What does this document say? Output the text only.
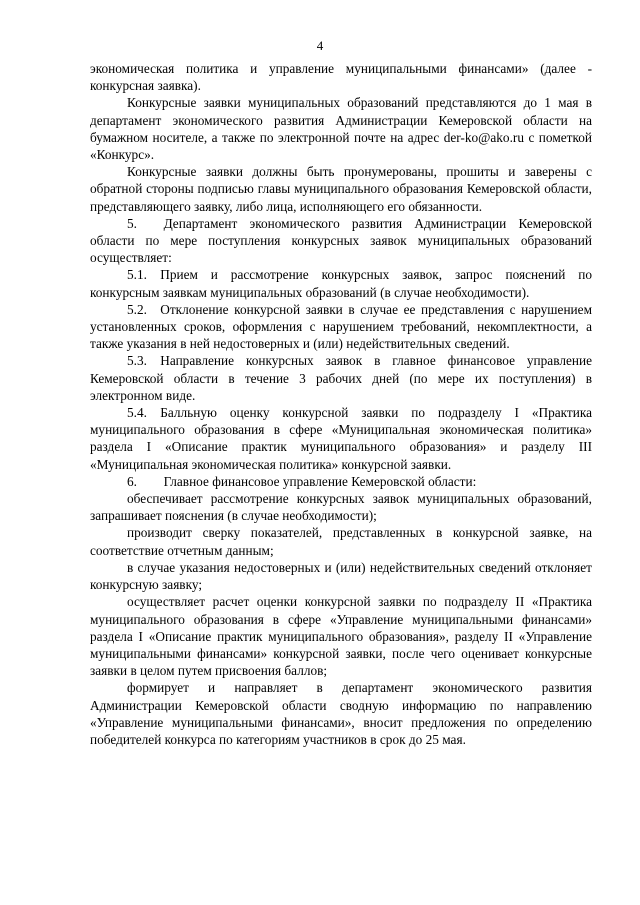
4

экономическая политика и управление муниципальными финансами» (далее - конкурсная заявка).

Конкурсные заявки муниципальных образований представляются до 1 мая в департамент экономического развития Администрации Кемеровской области на бумажном носителе, а также по электронной почте на адрес der-ko@ako.ru с пометкой «Конкурс».

Конкурсные заявки должны быть пронумерованы, прошиты и заверены с обратной стороны подписью главы муниципального образования Кемеровской области, представляющего заявку, либо лица, исполняющего его обязанности.

5.  Департамент экономического развития Администрации Кемеровской области по мере поступления конкурсных заявок муниципальных образований осуществляет:

5.1. Прием и рассмотрение конкурсных заявок, запрос пояснений по конкурсным заявкам муниципальных образований (в случае необходимости).

5.2. Отклонение конкурсной заявки в случае ее представления с нарушением установленных сроков, оформления с нарушением требований, некомплектности, а также указания в ней недостоверных и (или) недействительных сведений.

5.3. Направление конкурсных заявок в главное финансовое управление Кемеровской области в течение 3 рабочих дней (по мере их поступления) в электронном виде.

5.4. Балльную оценку конкурсной заявки по подразделу I «Практика муниципального образования в сфере «Муниципальная экономическая политика» раздела I «Описание практик муниципального образования» и разделу III «Муниципальная экономическая политика» конкурсной заявки.

6.  Главное финансовое управление Кемеровской области:

обеспечивает рассмотрение конкурсных заявок муниципальных образований, запрашивает пояснения (в случае необходимости);

производит сверку показателей, представленных в конкурсной заявке, на соответствие отчетным данным;

в случае указания недостоверных и (или) недействительных сведений отклоняет конкурсную заявку;

осуществляет расчет оценки конкурсной заявки по подразделу II «Практика муниципального образования в сфере «Управление муниципальными финансами» раздела I «Описание практик муниципального образования», разделу II «Управление муниципальными финансами» конкурсной заявки, после чего оценивает конкурсные заявки в целом путем присвоения баллов;

формирует и направляет в департамент экономического развития Администрации Кемеровской области сводную информацию по направлению «Управление муниципальными финансами», вносит предложения по определению победителей конкурса по категориям участников в срок до 25 мая.
